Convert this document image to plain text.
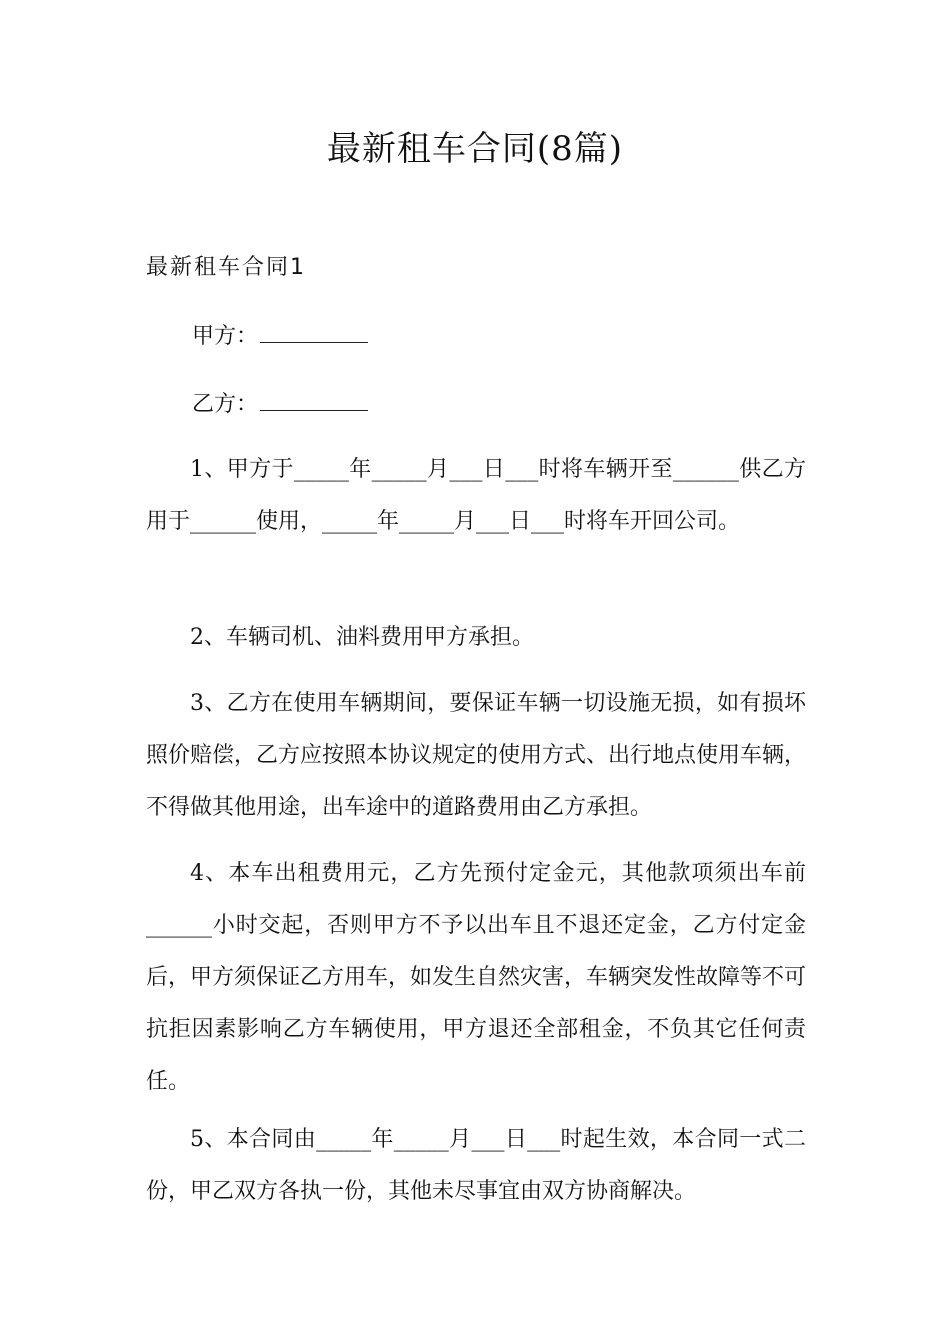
最新租车合同(8篇)
最新租车合同1
甲方：
乙方：

1、甲方于_____年_____月___日___时将车辆开至______供乙方用于______使用，_____年_____月___日___时将车开回公司。

2、车辆司机、油料费用甲方承担。

3、乙方在使用车辆期间，要保证车辆一切设施无损，如有损坏照价赔偿，乙方应按照本协议规定的使用方式、出行地点使用车辆，不得做其他用途，出车途中的道路费用由乙方承担。

4、本车出租费用元，乙方先预付定金元，其他款项须出车前______小时交起，否则甲方不予以出车且不退还定金，乙方付定金后，甲方须保证乙方用车，如发生自然灾害，车辆突发性故障等不可抗拒因素影响乙方车辆使用，甲方退还全部租金，不负其它任何责任。

5、本合同由_____年_____月___日___时起生效，本合同一式二份，甲乙双方各执一份，其他未尽事宜由双方协商解决。
